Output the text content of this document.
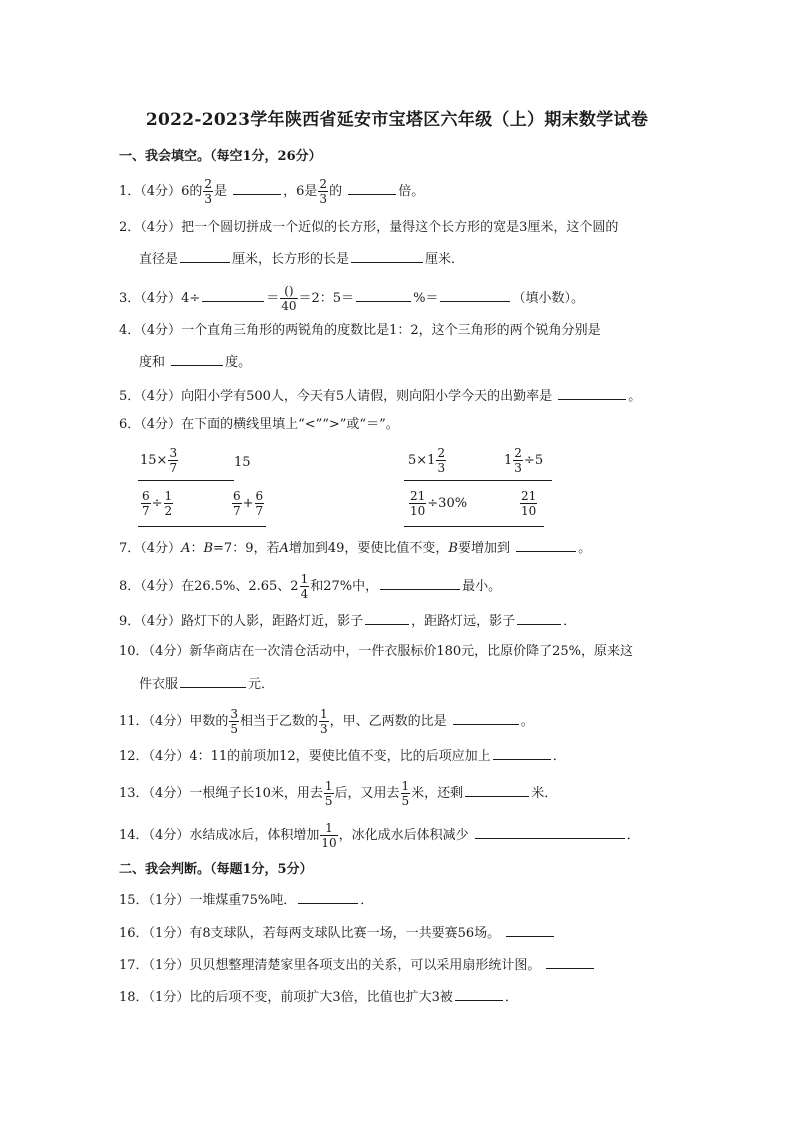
2022-2023学年陕西省延安市宝塔区六年级（上）期末数学试卷
一、我会填空。（每空1分，26分）
1．（4分）6的 $\frac{2}{3}$ 是	，6是 $\frac{2}{3}$ 的	倍。
2．（4分）把一个圆切拼成一个近似的长方形，量得这个长方形的宽是3厘米，这个圆的
直径是	厘米，长方形的长是	厘米．
3．（4分）4÷	＝ $\frac{()}{40} =2$：5＝	%＝	（填小数）。
4．（4分）一个直角三角形的两锐角的度数比是1：2，这个三角形的两个锐角分别是
度和	度。
5．（4分）向阳小学有500人，今天有5人请假，则向阳小学今天的出勤率是	。
6．（4分）在下面的横线里填上“<”“>”或“＝”。
$15\times \frac{3}{7}$	15
$\frac{6}{7} \div \frac{1}{2}$	$\frac{6}{7} + \frac{6}{7}$
$5\times 1 \frac{2}{3}$	$1 \frac{2}{3} \div 5$
$\frac{21}{10} \div 30\%$	$\frac{21}{10}$
7．（4分）A：B=7：9，若A增加到49，要使比值不变，B要增加到	。
8．（4分）在26.5%、2.65、$2 \frac{1}{4}$ 和27%中，	最小。
9．（4分）路灯下的人影，距路灯近，影子	，距路灯远，影子	．
10．（4分）新华商店在一次清仓活动中，一件衣服标价180元，比原价降了25%，原来这
件衣服	元．
11．（4分）甲数的 $\frac{3}{5}$ 相当于乙数的 $\frac{1}{3}$ ，甲、乙两数的比是	。
12．（4分）4：11的前项加12，要使比值不变，比的后项应加上	．
13．（4分）一根绳子长10米，用去 $\frac{1}{5}$ 后，又用去 $\frac{1}{5}$ 米，还剩	米．
14．（4分）水结成冰后，体积增加 $\frac{1}{10}$ ，冰化成水后体积减少	．
二、我会判断。（每题1分，5分）
15．（1分）一堆煤重75%吨．	．
16．（1分）有8支球队，若每两支球队比赛一场，一共要赛56场。
17．（1分）贝贝想整理清楚家里各项支出的关系，可以采用扇形统计图。
18．（1分）比的后项不变，前项扩大3倍，比值也扩大3被	．
